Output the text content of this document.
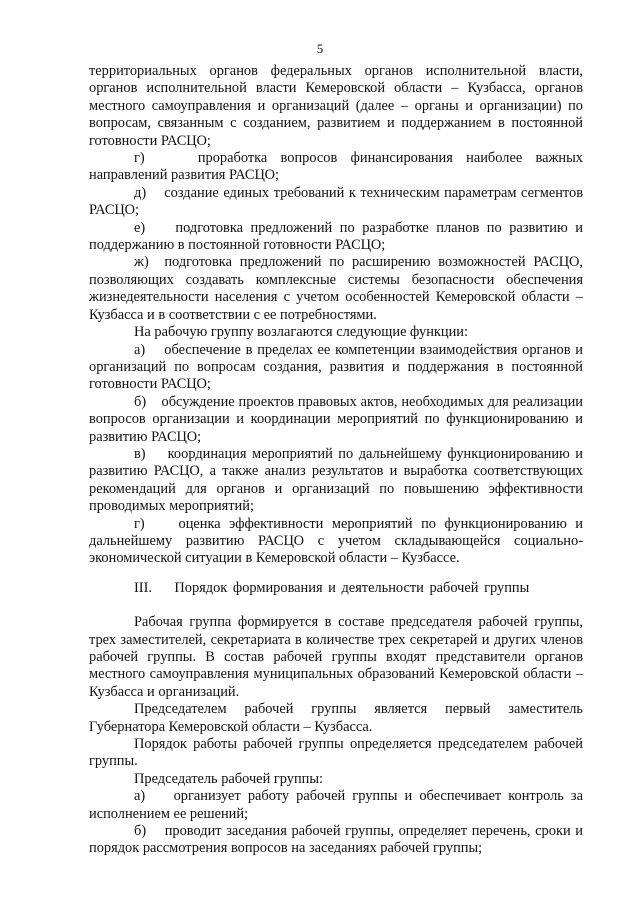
5

территориальных органов федеральных органов исполнительной власти, органов исполнительной власти Кемеровской области – Кузбасса, органов местного самоуправления и организаций (далее – органы и организации) по вопросам, связанным с созданием, развитием и поддержанием в постоянной готовности РАСЦО;

г)    проработка вопросов финансирования наиболее важных направлений развития РАСЦО;

д)    создание единых требований к техническим параметрам сегментов РАСЦО;

е)    подготовка предложений по разработке планов по развитию и поддержанию в постоянной готовности РАСЦО;

ж)  подготовка предложений по расширению возможностей РАСЦО, позволяющих создавать комплексные системы безопасности обеспечения жизнедеятельности населения с учетом особенностей Кемеровской области – Кузбасса и в соответствии с ее потребностями.

На рабочую группу возлагаются следующие функции:

а)    обеспечение в пределах ее компетенции взаимодействия органов и организаций по вопросам создания, развития и поддержания в постоянной готовности РАСЦО;

б)    обсуждение проектов правовых актов, необходимых для реализации вопросов организации и координации мероприятий по функционированию и развитию РАСЦО;

в)    координация мероприятий по дальнейшему функционированию и развитию РАСЦО, а также анализ результатов и выработка соответствующих рекомендаций для органов и организаций по повышению эффективности проводимых мероприятий;

г)    оценка эффективности мероприятий по функционированию и дальнейшему развитию РАСЦО с учетом складывающейся социально-экономической ситуации в Кемеровской области – Кузбассе.

III.    Порядок формирования и деятельности рабочей группы

Рабочая группа формируется в составе председателя рабочей группы, трех заместителей, секретариата в количестве трех секретарей и других членов рабочей группы. В состав рабочей группы входят представители органов местного самоуправления муниципальных образований Кемеровской области – Кузбасса и организаций.

Председателем рабочей группы является первый заместитель Губернатора Кемеровской области – Кузбасса.

Порядок работы рабочей группы определяется председателем рабочей группы.

Председатель рабочей группы:

а)    организует работу рабочей группы и обеспечивает контроль за исполнением ее решений;

б)    проводит заседания рабочей группы, определяет перечень, сроки и порядок рассмотрения вопросов на заседаниях рабочей группы;
